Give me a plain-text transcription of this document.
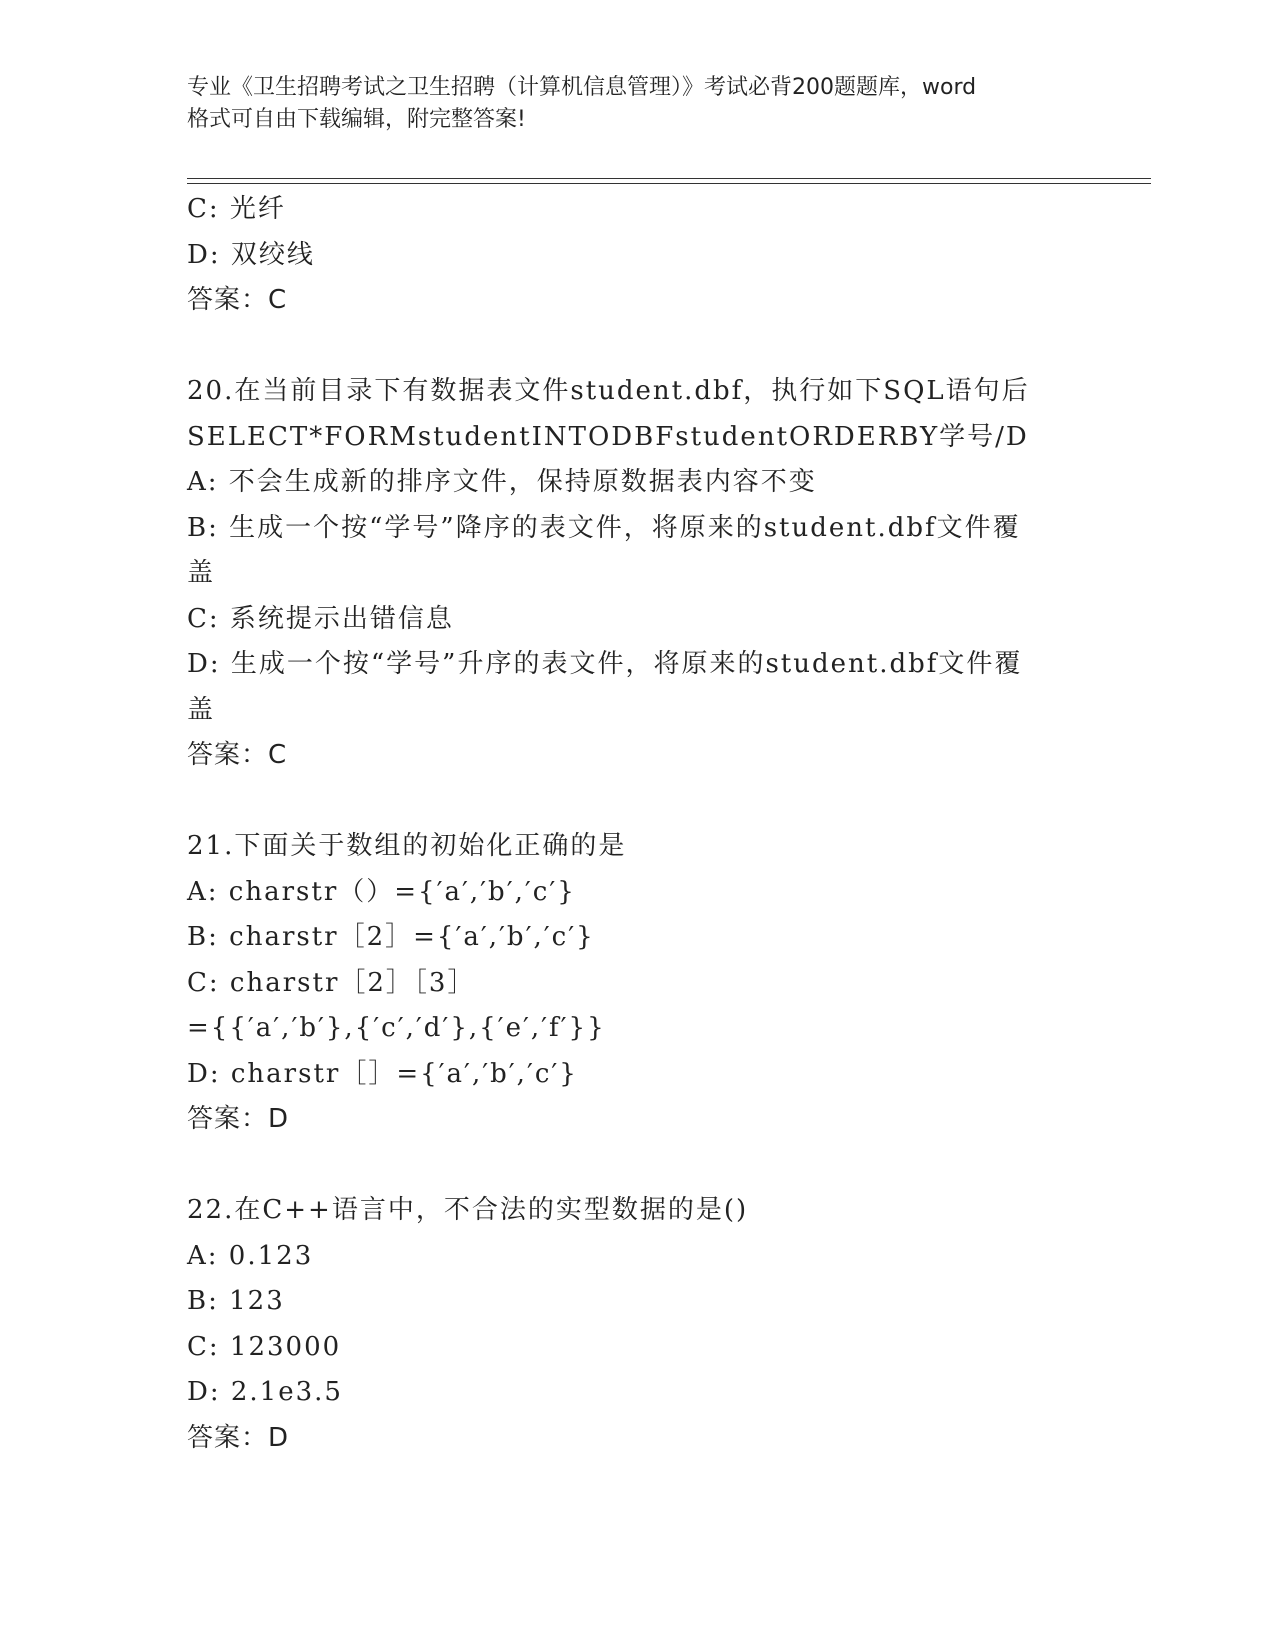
专业《卫生招聘考试之卫生招聘（计算机信息管理）》考试必背200题题库，word
格式可自由下载编辑，附完整答案!
C: 光纤
D: 双绞线
答案：C
20.在当前目录下有数据表文件student.dbf，执行如下SQL语句后
SELECT*FORMstudentINTODBFstudentORDERBY学号/D
A: 不会生成新的排序文件，保持原数据表内容不变
B: 生成一个按“学号”降序的表文件，将原来的student.dbf文件覆
盖
C: 系统提示出错信息
D: 生成一个按“学号”升序的表文件，将原来的student.dbf文件覆
盖
答案：C
21.下面关于数组的初始化正确的是
A: charstr（）={′a′,′b′,′c′}
B: charstr［2］={′a′,′b′,′c′}
C: charstr［2］［3］
={{′a′,′b′},{′c′,′d′},{′e′,′f′}}
D: charstr［］={′a′,′b′,′c′}
答案：D
22.在C++语言中，不合法的实型数据的是()
A: 0.123
B: 123
C: 123000
D: 2.1e3.5
答案：D
